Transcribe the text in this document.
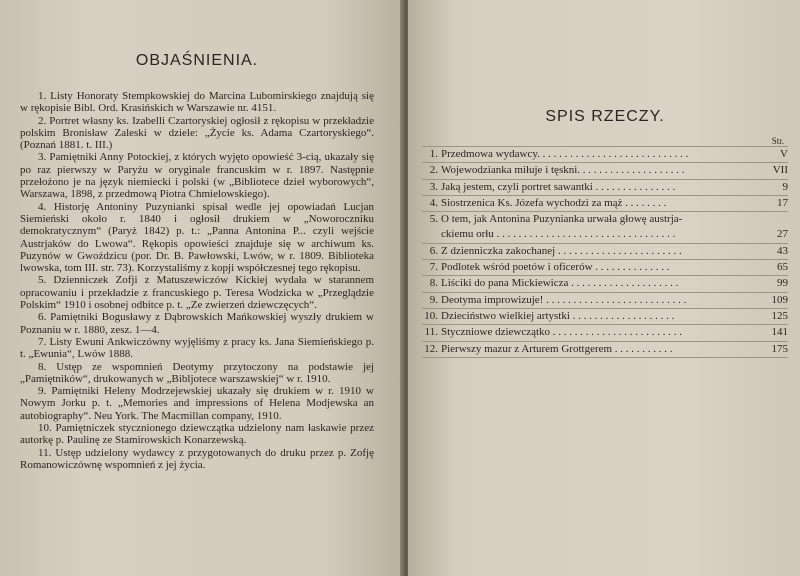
OBJAŚNIENIA.

1. Listy Honoraty Stempkowskiej do Marcina Lubomirskiego znajdują się w rękopisie Bibl. Ord. Krasińskich w Warszawie nr. 4151.

2. Portret własny ks. Izabelli Czartoryskiej ogłosił z rękopisu w przekładzie polskim Bronisław Zaleski w dziele: „Życie ks. Adama Czartoryskiego“. (Poznań 1881. t. III.)

3. Pamiętniki Anny Potockiej, z których wyjęto opowieść 3-cią, ukazały się po raz pierwszy w Paryżu w oryginale francuskim w r. 1897. Następnie przełożono je na język niemiecki i polski (w „Bibliotece dzieł wyborowych“, Warszawa, 1898, z przedmową Piotra Chmielowskiego).

4. Historję Antoniny Puzynianki spisał wedle jej opowiadań Lucjan Siemieński około r. 1840 i ogłosił drukiem w „Noworoczniku demokratycznym“ (Paryż 1842) p. t.: „Panna Antonina P... czyli wejście Austrjaków do Lwowa“. Rękopis opowieści znajduje się w archiwum ks. Puzynów w Gwoździcu (por. Dr. B. Pawłowski, Lwów, w r. 1809. Biblioteka lwowska, tom III. str. 73). Korzystaliśmy z kopji współczesnej tego rękopisu.

5. Dzienniczek Zofji z Matuszewiczów Kickiej wydała w starannem opracowaniu i przekładzie z francuskiego p. Teresa Wodzicka w „Przeglądzie Polskim“ 1910 i osobnej odbitce p. t. „Ze zwierzeń dziewczęcych“.

6. Pamiętniki Bogusławy z Dąbrowskich Mańkowskiej wyszły drukiem w Poznaniu w r. 1880, zesz. 1—4.

7. Listy Ewuni Ankwiczówny wyjęliśmy z pracy ks. Jana Siemieńskiego p. t. „Ewunia“, Lwów 1888.

8. Ustęp ze wspomnień Deotymy przytoczony na podstawie jej „Pamiętników“, drukowanych w „Bibljotece warszawskiej“ w r. 1910.

9. Pamiętniki Heleny Modrzejewskiej ukazały się drukiem w r. 1910 w Nowym Jorku p. t. „Memories and impressions of Helena Modjewska an autobiography“. Neu York. The Macmillan company, 1910.

10. Pamiętniczek stycznionego dziewczątka udzielony nam łaskawie przez autorkę p. Paulinę ze Stamirowskich Konarzewską.

11. Ustęp udzielony wydawcy z przygotowanych do druku przez p. Zofję Romanowiczównę wspomnień z jej życia.

SPIS RZECZY.
Str.
1. Przedmowa wydawcy. . . . . . . . . . . . . . . . . . . . . . . . . . . .	V
2. Wojewodzianka miłuje i tęskni. . . . . . . . . . . . . . . . . . . .	VII
3. Jaką jestem, czyli portret sawantki . . . . . . . . . . . . . . .	9
4. Siostrzenica Ks. Józefa wychodzi za mąż . . . . . . . .	17
5. O tem, jak Antonina Puzynianka urwała głowę austrja-
ckiemu orłu . . . . . . . . . . . . . . . . . . . . . . . . . . . . . . . . .	27
6. Z dzienniczka zakochanej . . . . . . . . . . . . . . . . . . . . . . .	43
7. Podlotek wśród poetów i oficerów . . . . . . . . . . . . . .	65
8. Liściki do pana Mickiewicza . . . . . . . . . . . . . . . . . . . .	99
9. Deotyma improwizuje! . . . . . . . . . . . . . . . . . . . . . . . . . .	109
10. Dzieciństwo wielkiej artystki . . . . . . . . . . . . . . . . . . .	125
11. Styczniowe dziewczątko . . . . . . . . . . . . . . . . . . . . . . . .	141
12. Pierwszy mazur z Arturem Grottgerem . . . . . . . . . . .	175
